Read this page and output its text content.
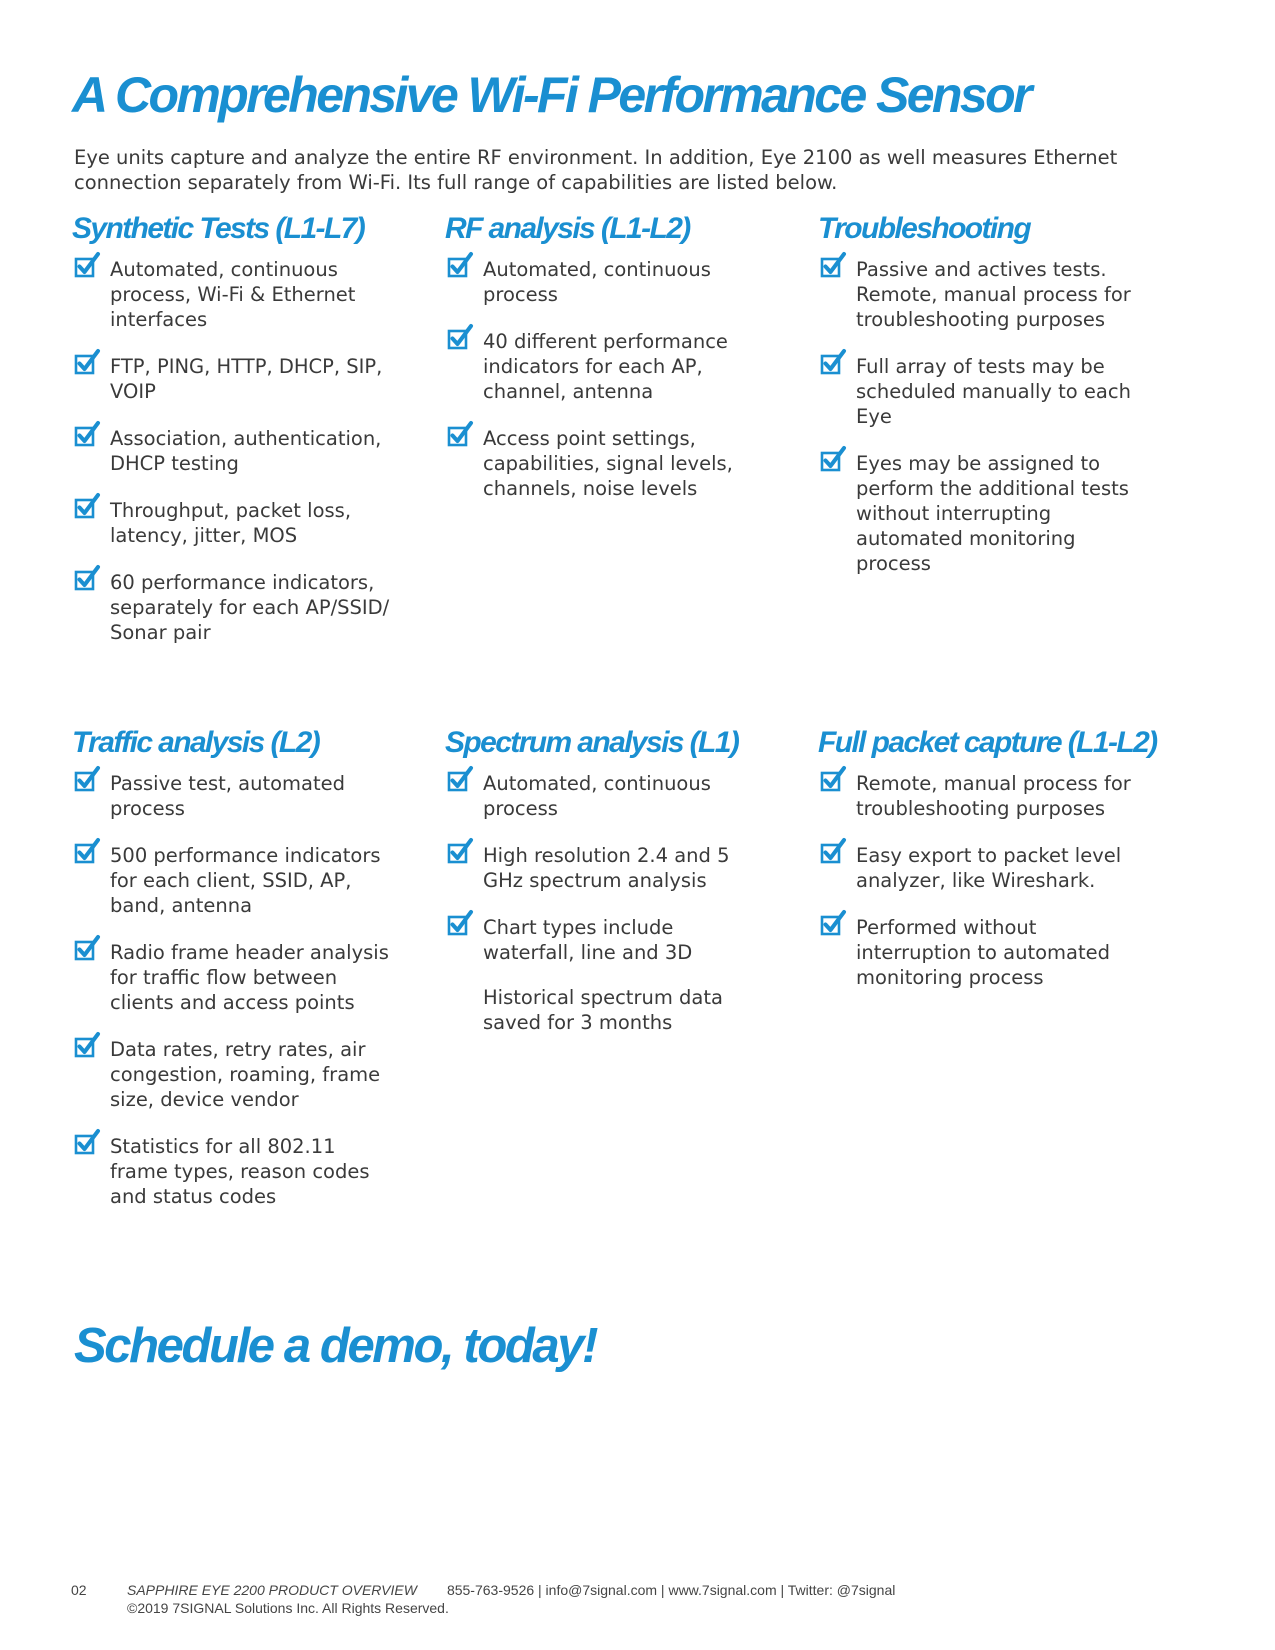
A Comprehensive Wi-Fi Performance Sensor

Eye units capture and analyze the entire RF environment. In addition, Eye 2100 as well measures Ethernet connection separately from Wi-Fi. Its full range of capabilities are listed below.

Synthetic Tests (L1-L7)
Automated, continuous process, Wi-Fi & Ethernet interfaces
FTP, PING, HTTP, DHCP, SIP, VOIP
Association, authentication, DHCP testing
Throughput, packet loss, latency, jitter, MOS
60 performance indicators, separately for each AP/SSID/ Sonar pair
RF analysis (L1-L2)
Automated, continuous process
40 different performance indicators for each AP, channel, antenna
Access point settings, capabilities, signal levels, channels, noise levels
Troubleshooting
Passive and actives tests. Remote, manual process for troubleshooting purposes
Full array of tests may be scheduled manually to each Eye
Eyes may be assigned to perform the additional tests without interrupting automated monitoring process
Traffic analysis (L2)
Passive test, automated process
500 performance indicators for each client, SSID, AP, band, antenna
Radio frame header analysis for traffic flow between clients and access points
Data rates, retry rates, air congestion, roaming, frame size, device vendor
Statistics for all 802.11 frame types, reason codes and status codes
Spectrum analysis (L1)
Automated, continuous process
High resolution 2.4 and 5 GHz spectrum analysis
Chart types include waterfall, line and 3D
Historical spectrum data saved for 3 months
Full packet capture (L1-L2)
Remote, manual process for troubleshooting purposes
Easy export to packet level analyzer, like Wireshark.
Performed without interruption to automated monitoring process
Schedule a demo, today!
02	SAPPHIRE EYE 2200 PRODUCT OVERVIEW 855-763-9526 | info@7signal.com | www.7signal.com | Twitter: @7signal
©2019 7SIGNAL Solutions Inc. All Rights Reserved.
